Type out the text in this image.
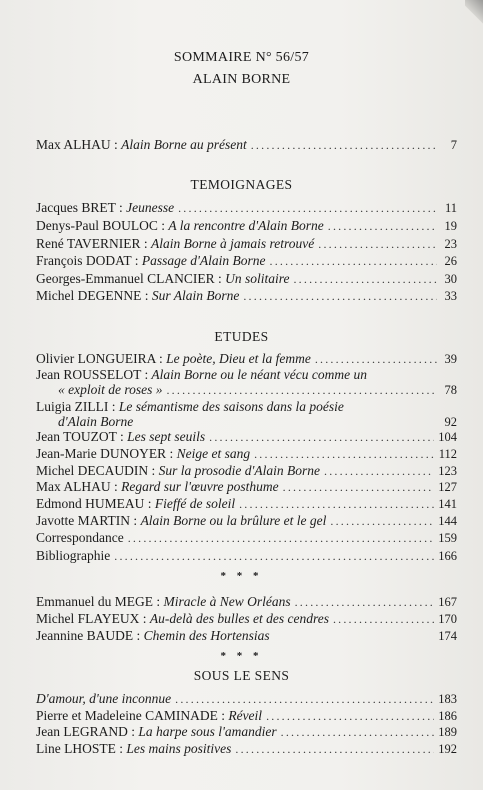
SOMMAIRE N° 56/57
ALAIN BORNE
Max ALHAU : Alain Borne au présent .....	7
TEMOIGNAGES
Jacques BRET : Jeunesse .....	11
Denys-Paul BOULOC : A la rencontre d'Alain Borne .....	19
René TAVERNIER : Alain Borne à jamais retrouvé .....	23
François DODAT : Passage d'Alain Borne .....	26
Georges-Emmanuel CLANCIER : Un solitaire .....	30
Michel DEGENNE : Sur Alain Borne .....	33
ETUDES
Olivier LONGUEIRA : Le poète, Dieu et la femme .....	39
Jean ROUSSELOT : Alain Borne ou le néant vécu comme un
« exploit de roses » .....	78
Luigia ZILLI : Le sémantisme des saisons dans la poésie
d'Alain Borne	92
Jean TOUZOT : Les sept seuils .....	104
Jean-Marie DUNOYER : Neige et sang .....	112
Michel DECAUDIN : Sur la prosodie d'Alain Borne .....	123
Max ALHAU : Regard sur l'œuvre posthume .....	127
Edmond HUMEAU : Fieffé de soleil .....	141
Javotte MARTIN : Alain Borne ou la brûlure et le gel .....	144
Correspondance .....	159
Bibliographie .....	166
* * *
Emmanuel du MEGE : Miracle à New Orléans .....	167
Michel FLAYEUX : Au-delà des bulles et des cendres .....	170
Jeannine BAUDE : Chemin des Hortensias	174
* * *
SOUS LE SENS
D'amour, d'une inconnue .....	183
Pierre et Madeleine CAMINADE : Réveil .....	186
Jean LEGRAND : La harpe sous l'amandier .....	189
Line LHOSTE : Les mains positives .....	192
